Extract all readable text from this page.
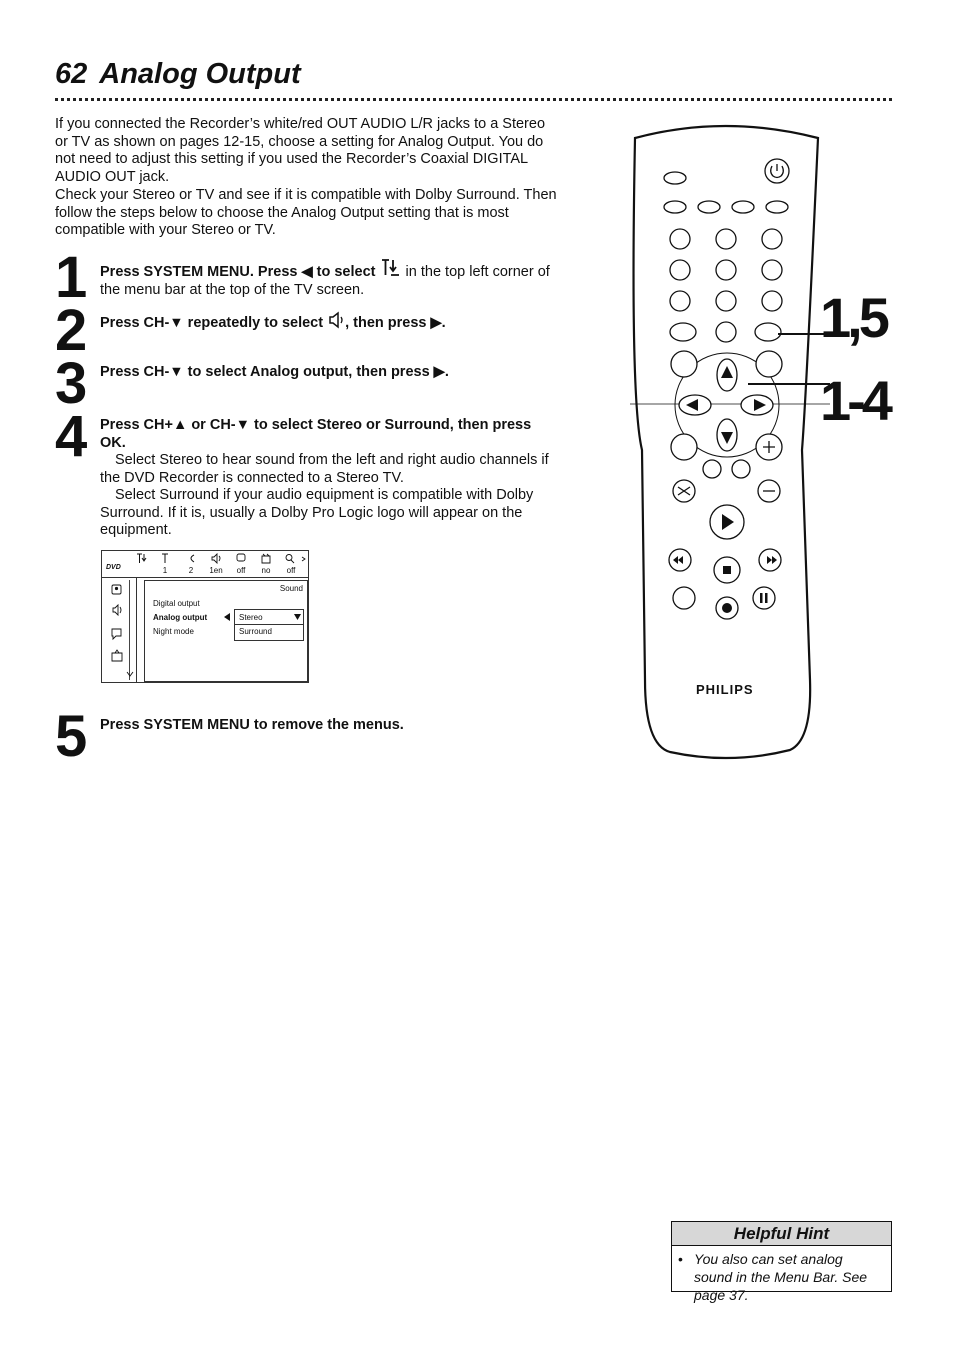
62 Analog Output

If you connected the Recorder’s white/red OUT AUDIO L/R jacks to a Stereo or TV as shown on pages 12-15, choose a setting for Analog Output. You do not need to adjust this setting if you used the Recorder’s Coaxial DIGITAL AUDIO OUT jack.

Check your Stereo or TV and see if it is compatible with Dolby Surround. Then follow the steps below to choose the Analog Output setting that is most compatible with your Stereo or TV.

1 Press SYSTEM MENU. Press ◀ to select  in the top left corner of the menu bar at the top of the TV screen.
2 Press CH-▼ repeatedly to select , then press ▶.
3 Press CH-▼ to select Analog output, then press ▶.
4 Press CH+▲ or CH-▼ to select Stereo or Surround, then press OK.

Select Stereo to hear sound from the left and right audio channels if the DVD Recorder is connected to a Stereo TV.

Select Surround if your audio equipment is compatible with Dolby Surround. If it is, usually a Dolby Pro Logic logo will appear on the equipment.

DVD	1	2	1en	off	no	off
Sound
Digital output
Analog output
Night mode
Stereo
Surround
5 Press SYSTEM MENU to remove the menus.
PHILIPS
1,5
1-4
Helpful Hint
• You also can set analog sound in the Menu Bar. See page 37.
